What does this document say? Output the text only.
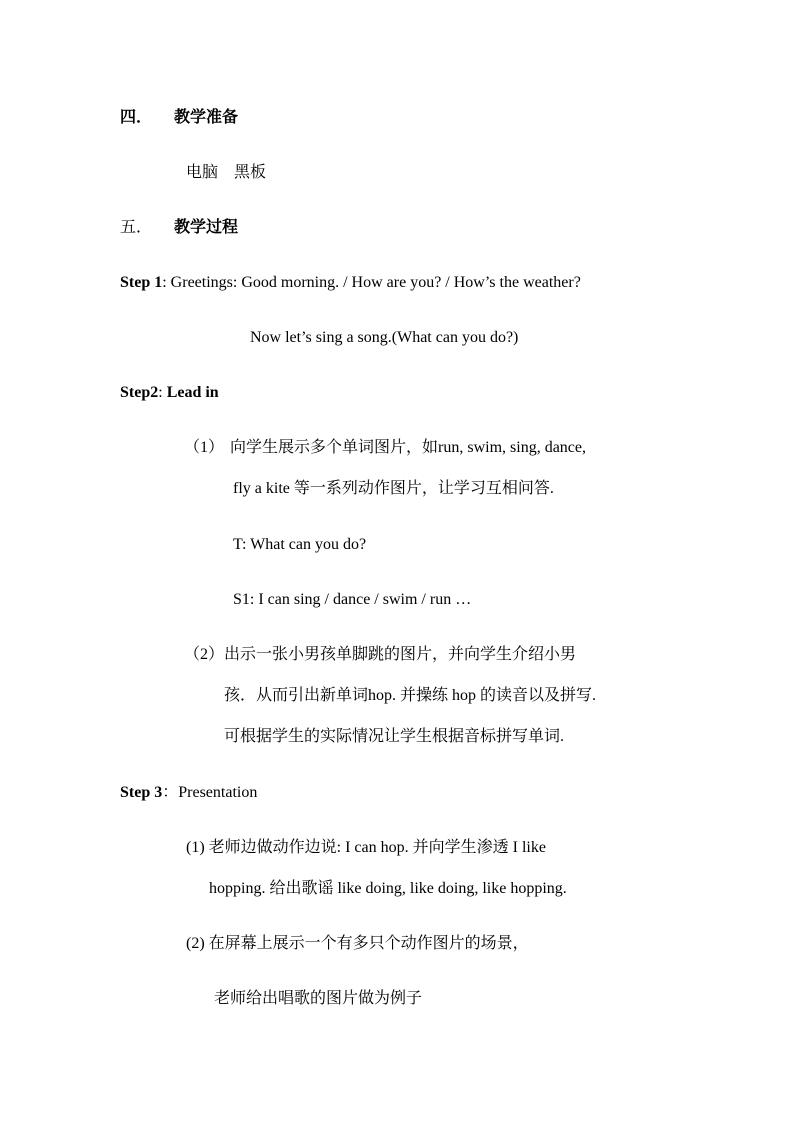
四． 教学准备
电脑　黑板
五． 教学过程
Step 1: Greetings: Good morning. / How are you? / How’s the weather?
Now let’s sing a song.(What can you do?)
Step2: Lead in
（1） 向学生展示多个单词图片，如run, swim, sing, dance,
fly a kite 等一系列动作图片，让学习互相问答.
T: What can you do?
S1: I can sing / dance / swim / run …
（2）出示一张小男孩单脚跳的图片，并向学生介绍小男
孩．从而引出新单词hop. 并操练 hop 的读音以及拼写.
可根据学生的实际情况让学生根据音标拼写单词.
Step 3：Presentation
(1) 老师边做动作边说: I can hop. 并向学生渗透 I like
hopping. 给出歌谣 like doing, like doing, like hopping.
(2) 在屏幕上展示一个有多只个动作图片的场景，
老师给出唱歌的图片做为例子
